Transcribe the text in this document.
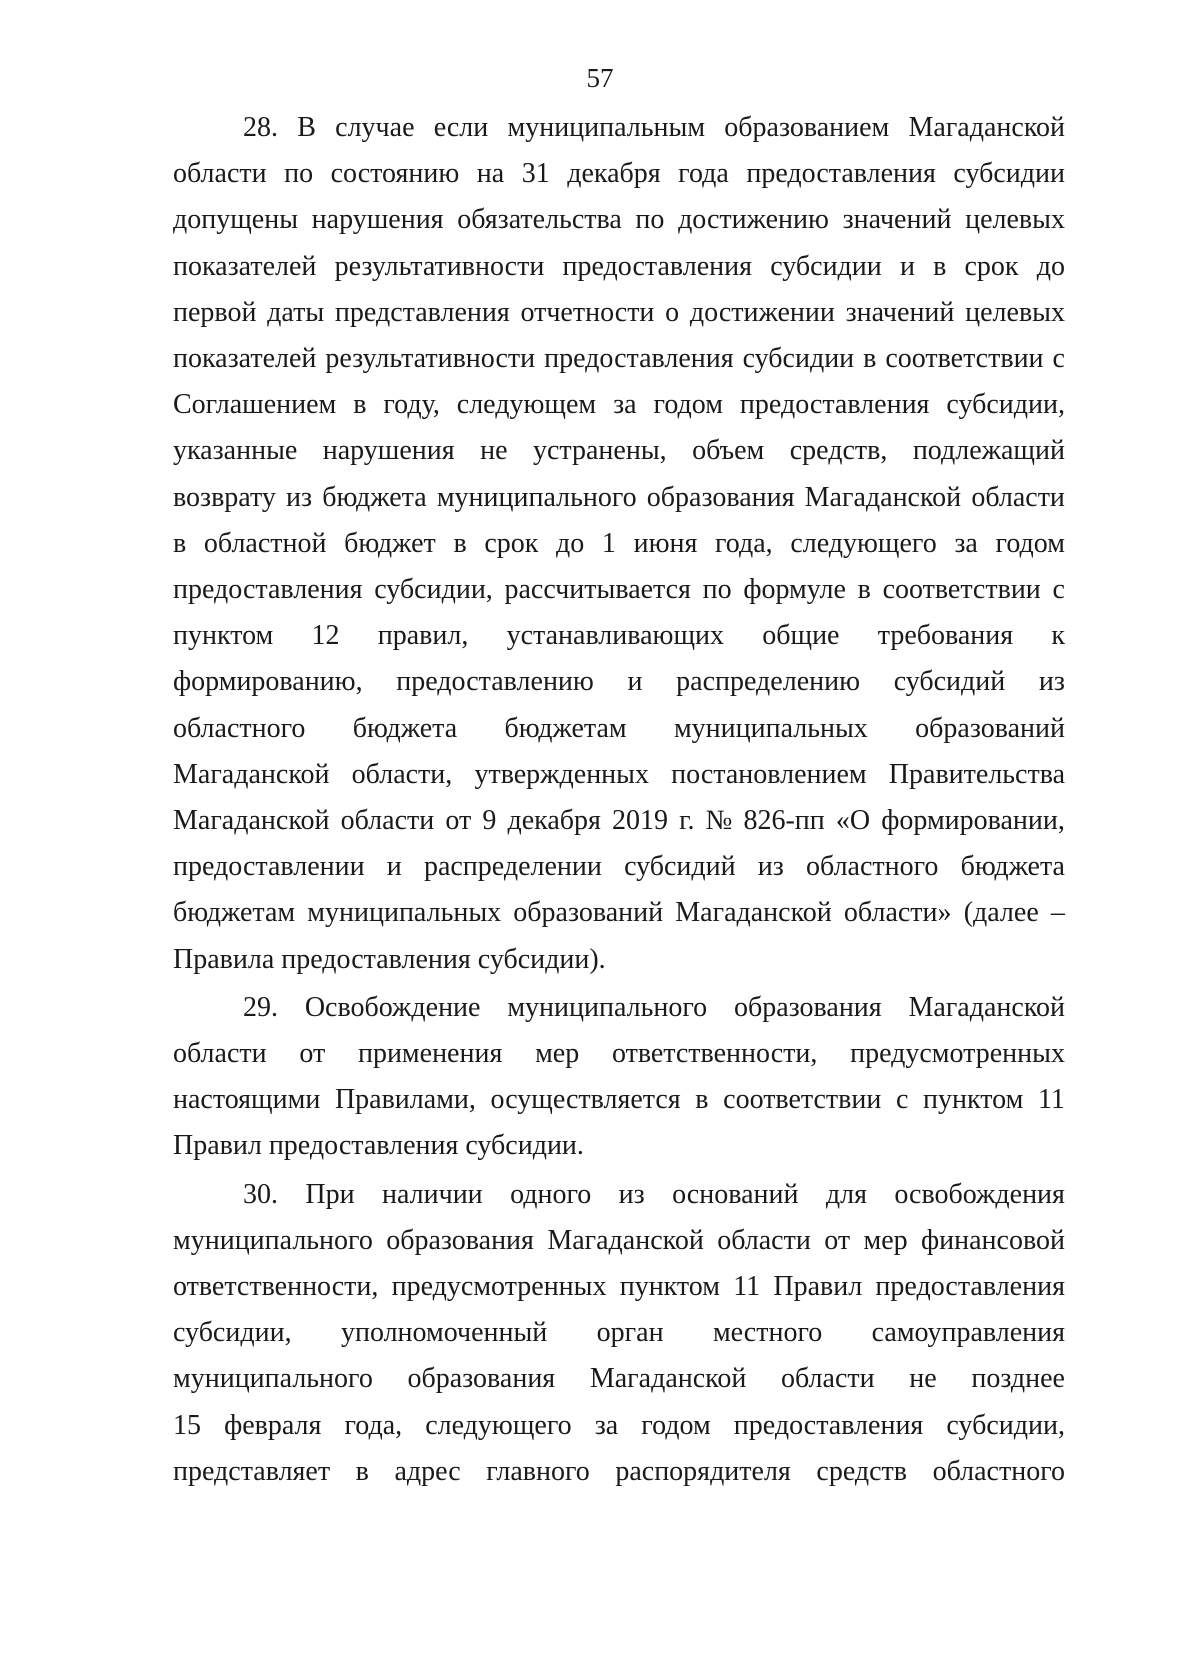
57
28. В случае если муниципальным образованием Магаданской
области по состоянию на 31 декабря года предоставления субсидии
допущены нарушения обязательства по достижению значений целевых
показателей результативности предоставления субсидии и в срок до
первой даты представления отчетности о достижении значений целевых
показателей результативности предоставления субсидии в соответствии с
Соглашением в году, следующем за годом предоставления субсидии,
указанные нарушения не устранены, объем средств, подлежащий
возврату из бюджета муниципального образования Магаданской области
в областной бюджет в срок до 1 июня года, следующего за годом
предоставления субсидии, рассчитывается по формуле в соответствии с
пунктом 12 правил, устанавливающих общие требования к
формированию, предоставлению и распределению субсидий из
областного бюджета бюджетам муниципальных образований
Магаданской области, утвержденных постановлением Правительства
Магаданской области от 9 декабря 2019 г. № 826-пп «О формировании,
предоставлении и распределении субсидий из областного бюджета
бюджетам муниципальных образований Магаданской области» (далее –
Правила предоставления субсидии).
29. Освобождение муниципального образования Магаданской
области от применения мер ответственности, предусмотренных
настоящими Правилами, осуществляется в соответствии с пунктом 11
Правил предоставления субсидии.
30. При наличии одного из оснований для освобождения
муниципального образования Магаданской области от мер финансовой
ответственности, предусмотренных пунктом 11 Правил предоставления
субсидии, уполномоченный орган местного самоуправления
муниципального образования Магаданской области не позднее
15 февраля года, следующего за годом предоставления субсидии,
представляет в адрес главного распорядителя средств областного
